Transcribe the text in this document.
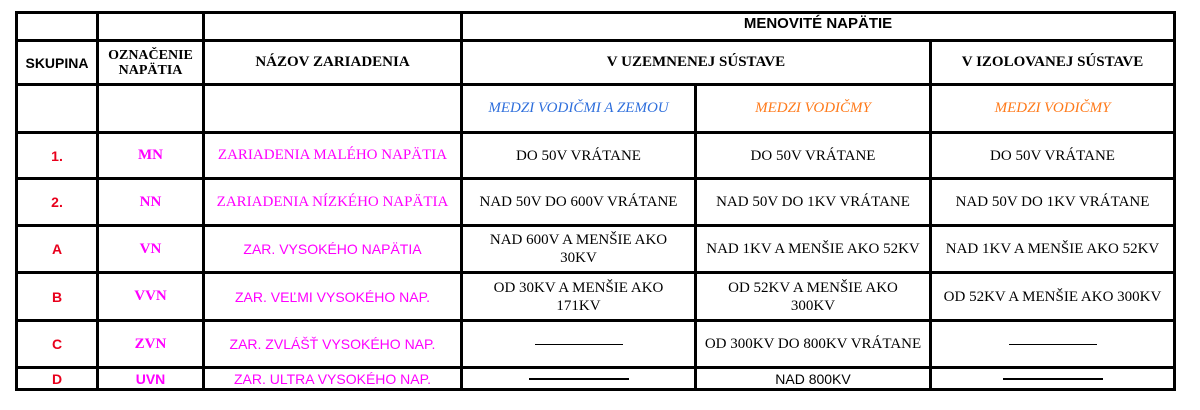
			MENOVITÉ NAPÄTIE		
SKUPINA	OZNAČENIE NAPÄTIA	NÁZOV ZARIADENIA	V UZEMNENEJ SÚSTAVE		V IZOLOVANEJ SÚSTAVE
			MEDZI VODIČMI A ZEMOU	MEDZI VODIČMY	MEDZI VODIČMY
1.	MN	ZARIADENIA MALÉHO NAPÄTIA	DO 50V VRÁTANE	DO 50V VRÁTANE	DO 50V VRÁTANE
2.	NN	ZARIADENIA NÍZKÉHO NAPÄTIA	NAD 50V DO 600V VRÁTANE	NAD 50V DO 1KV VRÁTANE	NAD 50V DO 1KV VRÁTANE
A	VN	ZAR. VYSOKÉHO NAPÄTIA	NAD 600V A MENŠIE AKO 30KV	NAD 1KV A MENŠIE AKO 52KV	NAD 1KV A MENŠIE AKO 52KV
B	VVN	ZAR. VEĽMI VYSOKÉHO NAP.	OD 30KV A MENŠIE AKO 171KV	OD 52KV A MENŠIE AKO 300KV	OD 52KV A MENŠIE AKO 300KV
C	ZVN	ZAR. ZVLÁŠŤ VYSOKÉHO NAP.		OD 300KV DO 800KV VRÁTANE	
D	UVN	ZAR. ULTRA VYSOKÉHO NAP.		NAD 800KV	
